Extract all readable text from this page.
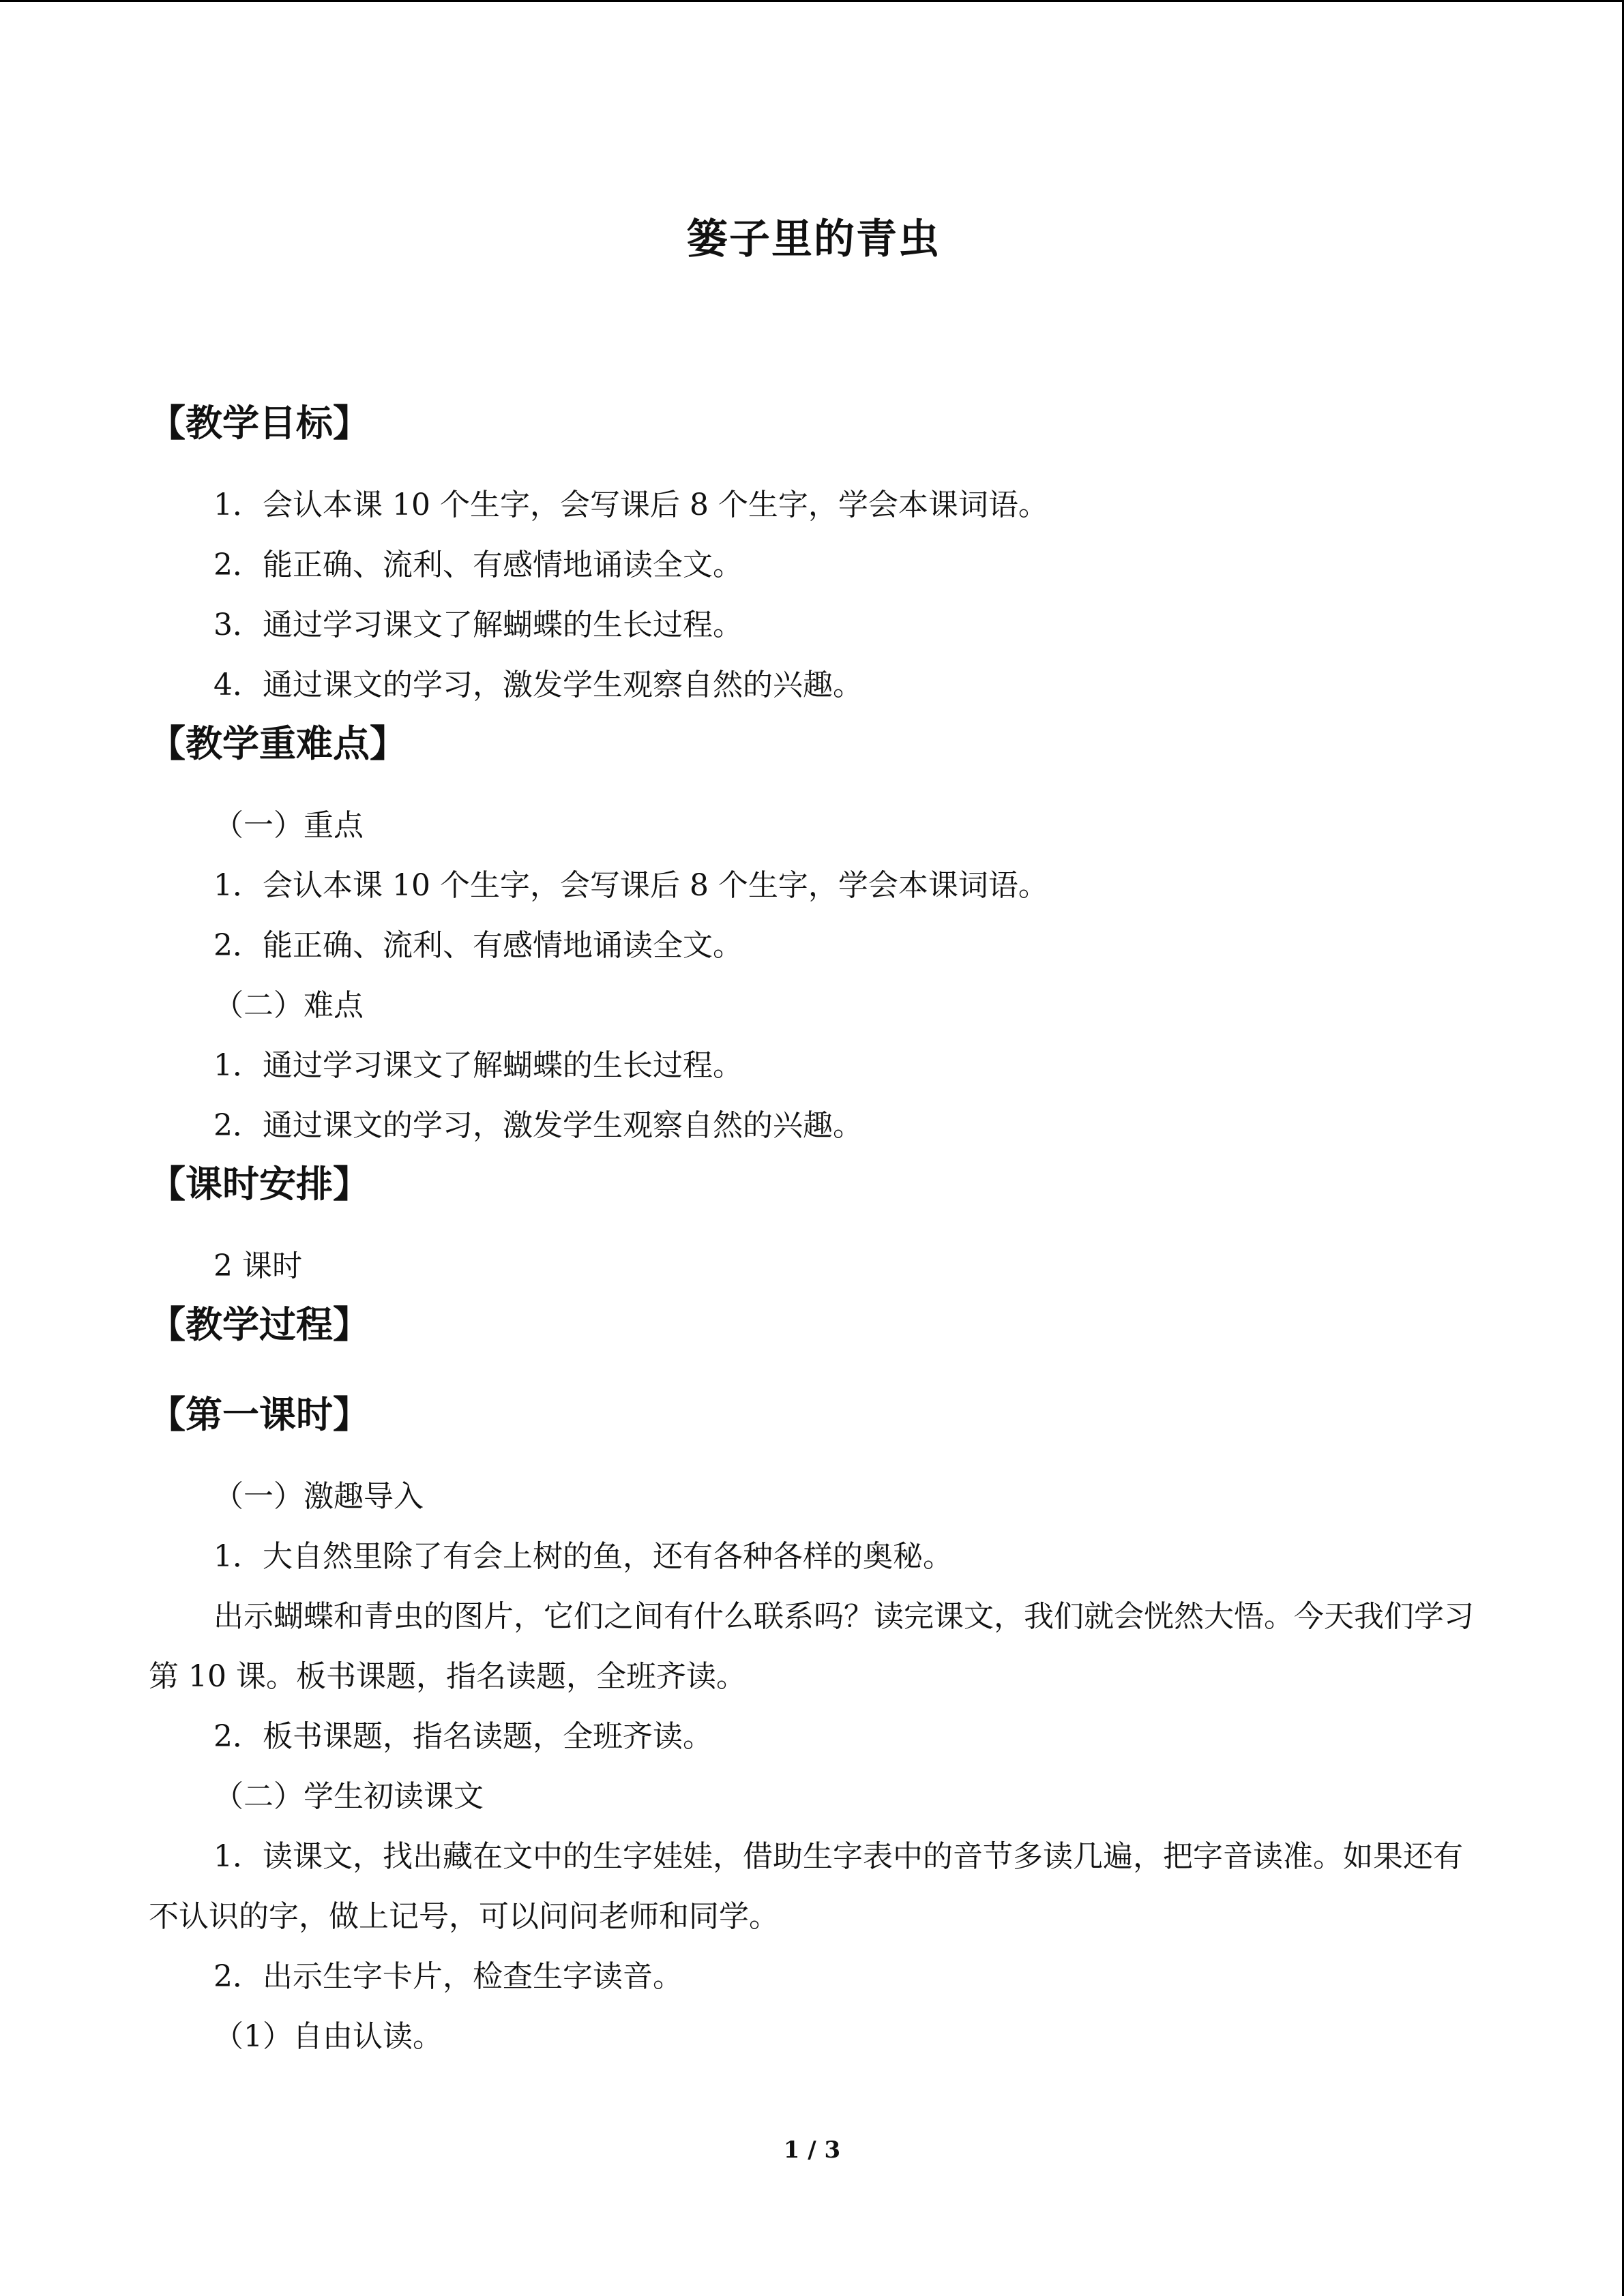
篓子里的青虫
【教学目标】

1．会认本课 10 个生字，会写课后 8 个生字，学会本课词语。

2．能正确、流利、有感情地诵读全文。

3．通过学习课文了解蝴蝶的生长过程。

4．通过课文的学习，激发学生观察自然的兴趣。

【教学重难点】

（一）重点

1．会认本课 10 个生字，会写课后 8 个生字，学会本课词语。

2．能正确、流利、有感情地诵读全文。

（二）难点

1．通过学习课文了解蝴蝶的生长过程。

2．通过课文的学习，激发学生观察自然的兴趣。

【课时安排】

2 课时

【教学过程】
【第一课时】

（一）激趣导入

1．大自然里除了有会上树的鱼，还有各种各样的奥秘。

出示蝴蝶和青虫的图片，它们之间有什么联系吗？读完课文，我们就会恍然大悟。今天我们学习第 10 课。板书课题，指名读题，全班齐读。

2．板书课题，指名读题，全班齐读。

（二）学生初读课文

1．读课文，找出藏在文中的生字娃娃，借助生字表中的音节多读几遍，把字音读准。如果还有不认识的字，做上记号，可以问问老师和同学。

2．出示生字卡片，检查生字读音。

（1）自由认读。

1 / 3
